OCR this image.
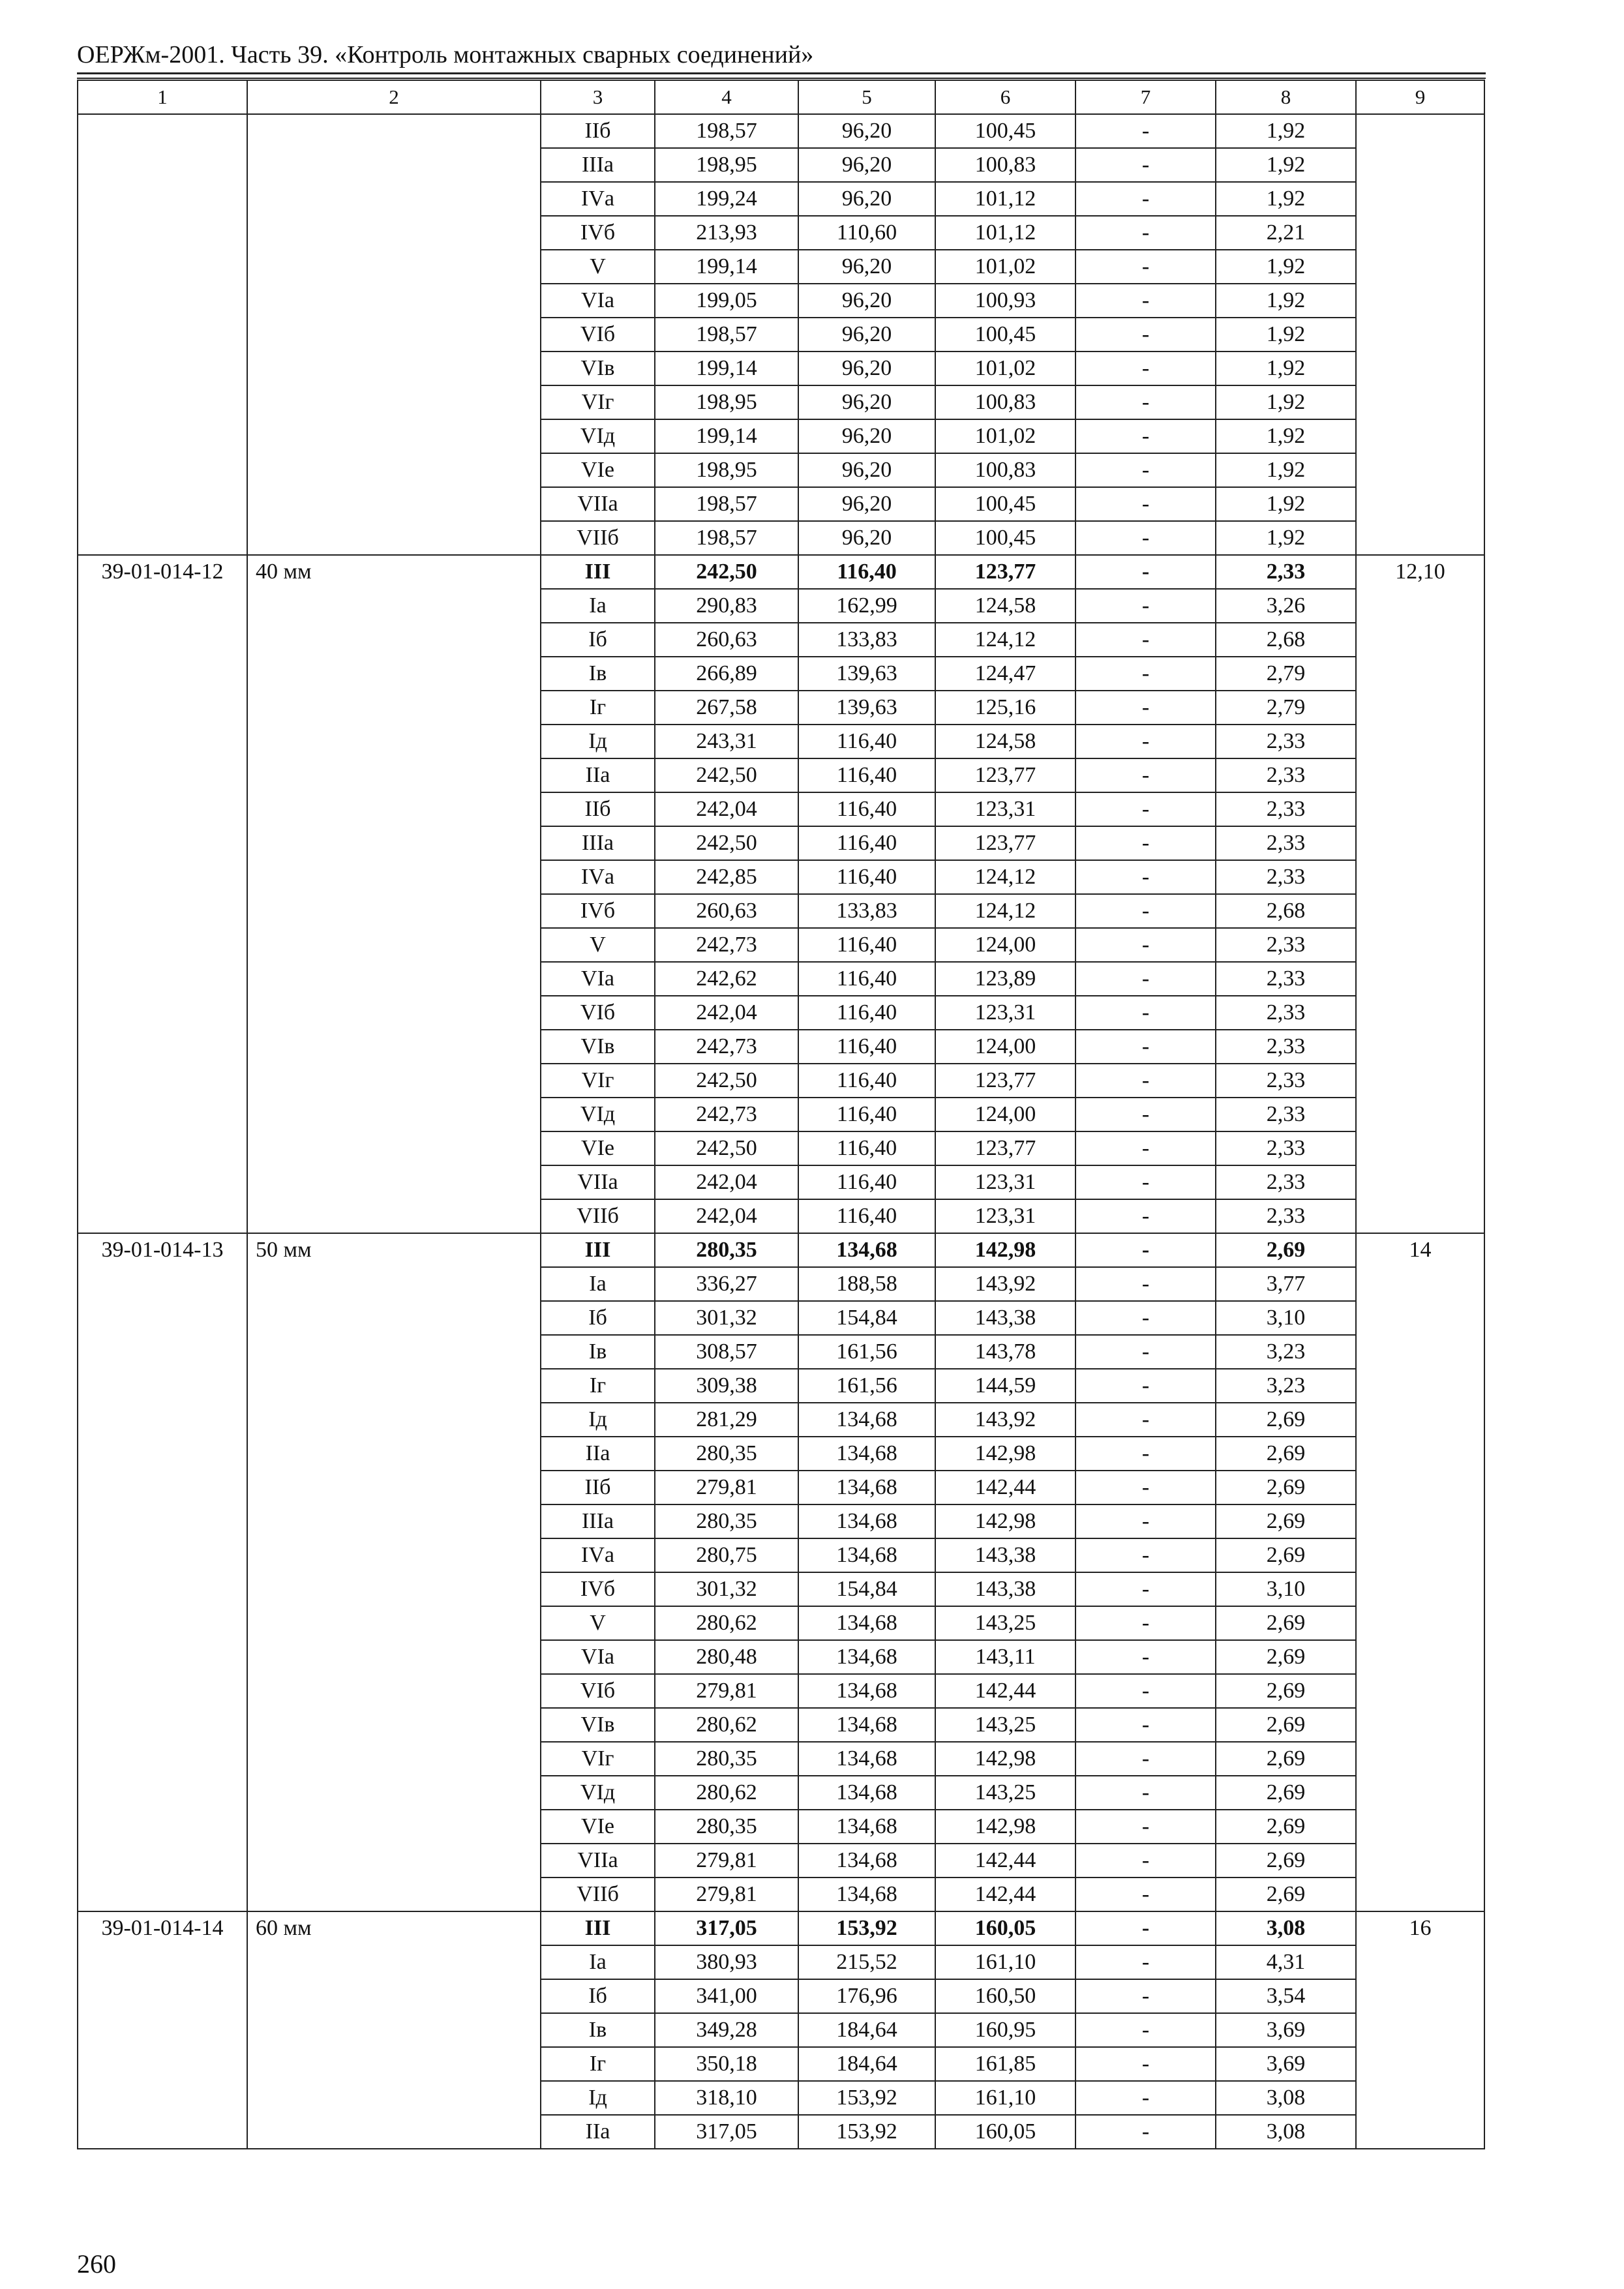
ОЕРЖм-2001. Часть 39. «Контроль монтажных сварных соединений»
1	2	3	4	5	6	7	8	9
		IIб	198,57	96,20	100,45	-	1,92	
		IIIа	198,95	96,20	100,83	-	1,92	
		IVа	199,24	96,20	101,12	-	1,92	
		IVб	213,93	110,60	101,12	-	2,21	
		V	199,14	96,20	101,02	-	1,92	
		VIа	199,05	96,20	100,93	-	1,92	
		VIб	198,57	96,20	100,45	-	1,92	
		VIв	199,14	96,20	101,02	-	1,92	
		VIг	198,95	96,20	100,83	-	1,92	
		VIд	199,14	96,20	101,02	-	1,92	
		VIе	198,95	96,20	100,83	-	1,92	
		VIIа	198,57	96,20	100,45	-	1,92	
		VIIб	198,57	96,20	100,45	-	1,92	
39-01-014-12	40 мм	III	242,50	116,40	123,77	-	2,33	12,10
		Iа	290,83	162,99	124,58	-	3,26	
		Iб	260,63	133,83	124,12	-	2,68	
		Iв	266,89	139,63	124,47	-	2,79	
		Iг	267,58	139,63	125,16	-	2,79	
		Iд	243,31	116,40	124,58	-	2,33	
		IIа	242,50	116,40	123,77	-	2,33	
		IIб	242,04	116,40	123,31	-	2,33	
		IIIа	242,50	116,40	123,77	-	2,33	
		IVа	242,85	116,40	124,12	-	2,33	
		IVб	260,63	133,83	124,12	-	2,68	
		V	242,73	116,40	124,00	-	2,33	
		VIа	242,62	116,40	123,89	-	2,33	
		VIб	242,04	116,40	123,31	-	2,33	
		VIв	242,73	116,40	124,00	-	2,33	
		VIг	242,50	116,40	123,77	-	2,33	
		VIд	242,73	116,40	124,00	-	2,33	
		VIе	242,50	116,40	123,77	-	2,33	
		VIIа	242,04	116,40	123,31	-	2,33	
		VIIб	242,04	116,40	123,31	-	2,33	
39-01-014-13	50 мм	III	280,35	134,68	142,98	-	2,69	14
		Iа	336,27	188,58	143,92	-	3,77	
		Iб	301,32	154,84	143,38	-	3,10	
		Iв	308,57	161,56	143,78	-	3,23	
		Iг	309,38	161,56	144,59	-	3,23	
		Iд	281,29	134,68	143,92	-	2,69	
		IIа	280,35	134,68	142,98	-	2,69	
		IIб	279,81	134,68	142,44	-	2,69	
		IIIа	280,35	134,68	142,98	-	2,69	
		IVа	280,75	134,68	143,38	-	2,69	
		IVб	301,32	154,84	143,38	-	3,10	
		V	280,62	134,68	143,25	-	2,69	
		VIа	280,48	134,68	143,11	-	2,69	
		VIб	279,81	134,68	142,44	-	2,69	
		VIв	280,62	134,68	143,25	-	2,69	
		VIг	280,35	134,68	142,98	-	2,69	
		VIд	280,62	134,68	143,25	-	2,69	
		VIе	280,35	134,68	142,98	-	2,69	
		VIIа	279,81	134,68	142,44	-	2,69	
		VIIб	279,81	134,68	142,44	-	2,69	
39-01-014-14	60 мм	III	317,05	153,92	160,05	-	3,08	16
		Iа	380,93	215,52	161,10	-	4,31	
		Iб	341,00	176,96	160,50	-	3,54	
		Iв	349,28	184,64	160,95	-	3,69	
		Iг	350,18	184,64	161,85	-	3,69	
		Iд	318,10	153,92	161,10	-	3,08	
		IIа	317,05	153,92	160,05	-	3,08	
260
